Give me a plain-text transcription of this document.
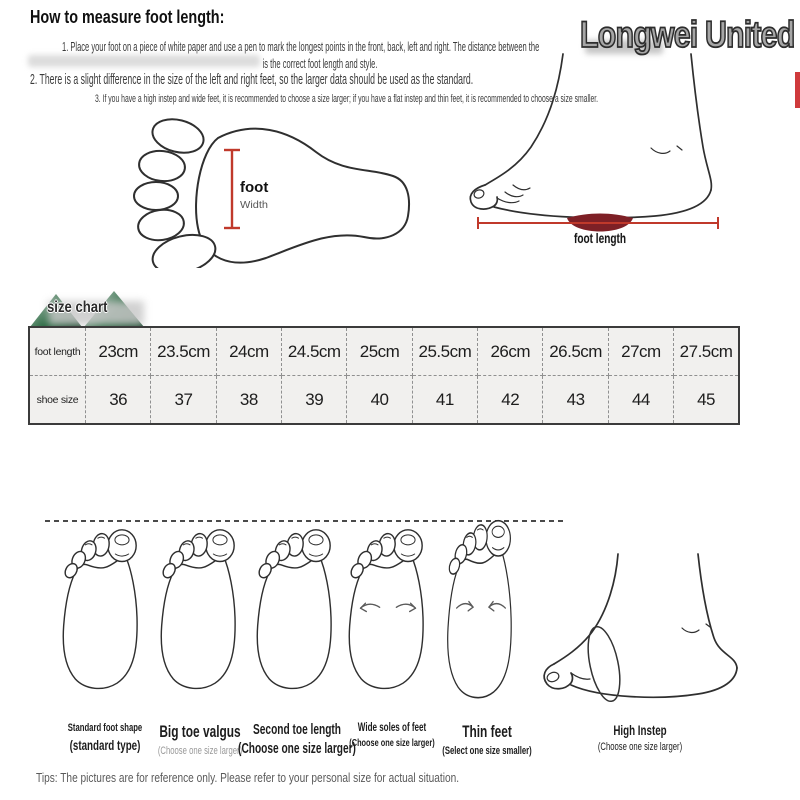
How to measure foot length:	Longwei United
1. Place your foot on a piece of white paper and use a pen to mark the longest points in the front, back, left and right. The distance between the
is the correct foot length and style.
2. There is a slight difference in the size of the left and right feet, so the larger data should be used as the standard.
3. If you have a high instep and wide feet, it is recommended to choose a size larger; if you have a flat instep and thin feet, it is recommended to choose a size smaller.
foot
Width
foot length
size chart
foot length	23cm	23.5cm	24cm	24.5cm	25cm	25.5cm	26cm	26.5cm	27cm	27.5cm
shoe size	36	37	38	39	40	41	42	43	44	45
Standard foot shape
(standard type)
Big toe valgus
(Choose one size larger)
Second toe length
(Choose one size larger)
Wide soles of feet
(Choose one size larger)
Thin feet
(Select one size smaller)
High Instep
(Choose one size larger)
Tips: The pictures are for reference only. Please refer to your personal size for actual situation.
